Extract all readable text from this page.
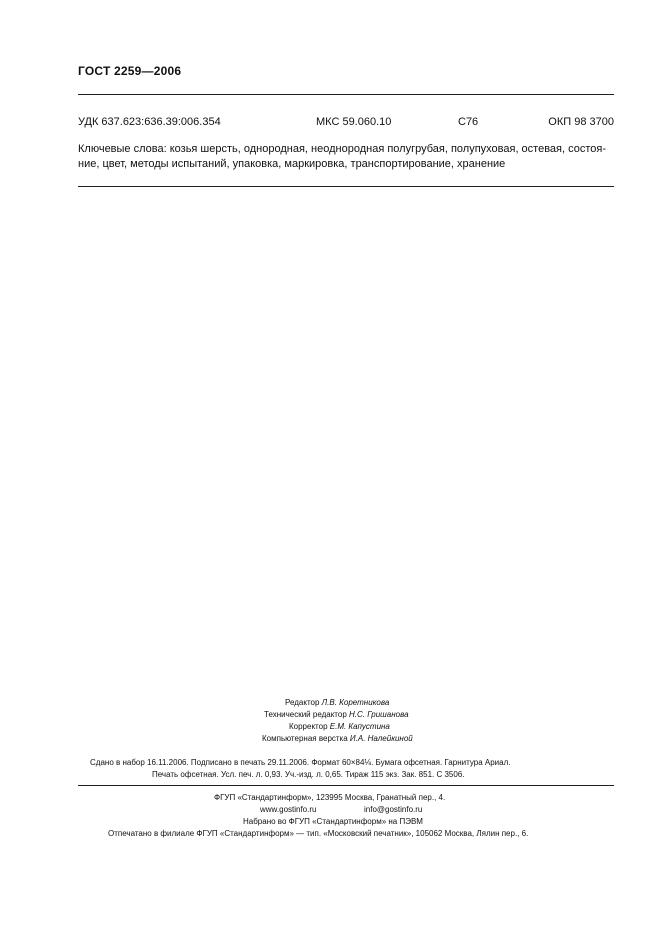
ГОСТ 2259—2006
УДК 637.623:636.39:006.354	МКС 59.060.10	С76	ОКП 98 3700
Ключевые слова: козья шерсть, однородная, неоднородная полугрубая, полупуховая, остевая, состоя-
ние, цвет, методы испытаний, упаковка, маркировка, транспортирование, хранение
Редактор Л.В. Коретникова
Технический редактор Н.С. Гришанова
Корректор Е.М. Капустина
Компьютерная верстка И.А. Налейкиной
Сдано в набор 16.11.2006. Подписано в печать 29.11.2006. Формат 60×84⅛. Бумага офсетная. Гарнитура Ариал.
Печать офсетная. Усл. печ. л. 0,93. Уч.-изд. л. 0,65. Тираж 115 экз. Зак. 851. С 3506.
ФГУП «Стандартинформ», 123995 Москва, Гранатный пер., 4.
www.gostinfo.ru	info@gostinfo.ru
Набрано во ФГУП «Стандартинформ» на ПЭВМ
Отпечатано в филиале ФГУП «Стандартинформ» — тип. «Московский печатник», 105062 Москва, Лялин пер., 6.
